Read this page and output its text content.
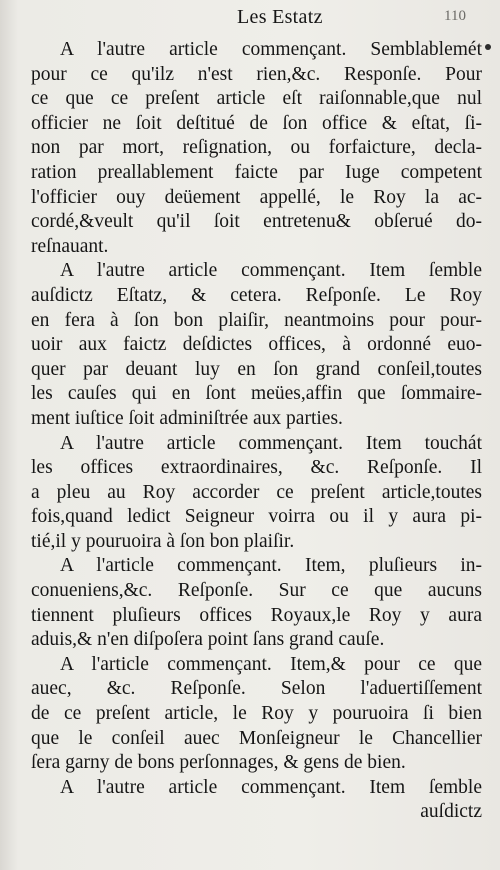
Les Estatz	110
A l'autre article commençant. Semblablemét
pour ce qu'ilz n'est rien,&c. Responſe. Pour
ce que ce preſent article eſt raiſonnable,que nul
officier ne ſoit deſtitué de ſon office & eſtat, ſi-
non par mort, reſignation, ou forfaicture, decla-
ration preallablement faicte par Iuge competent
l'officier ouy deüement appellé, le Roy la ac-
cordé,&veult qu'il ſoit entretenu& obſerué do-
reſnauant.
A l'autre article commençant. Item ſemble
auſdictz Eſtatz, & cetera. Reſponſe. Le Roy
en fera à ſon bon plaiſir, neantmoins pour pour-
uoir aux faictz deſdictes offices, à ordonné euo-
quer par deuant luy en ſon grand conſeil,toutes
les cauſes qui en ſont meües,affin que ſommaire-
ment iuſtice ſoit adminiſtrée aux parties.
A l'autre article commençant. Item touchát
les offices extraordinaires, &c. Reſponſe. Il
a pleu au Roy accorder ce preſent article,toutes
fois,quand ledict Seigneur voirra ou il y aura pi-
tié,il y pouruoira à ſon bon plaiſir.
A l'article commençant. Item, pluſieurs in-
conueniens,&c. Reſponſe. Sur ce que aucuns
tiennent pluſieurs offices Royaux,le Roy y aura
aduis,& n'en diſpoſera point ſans grand cauſe.
A l'article commençant. Item,& pour ce que
auec, &c. Reſponſe. Selon l'aduertiſſement
de ce preſent article, le Roy y pouruoira ſi bien
que le conſeil auec Monſeigneur le Chancellier
ſera garny de bons perſonnages, & gens de bien.
A l'autre article commençant. Item ſemble
auſdictz
